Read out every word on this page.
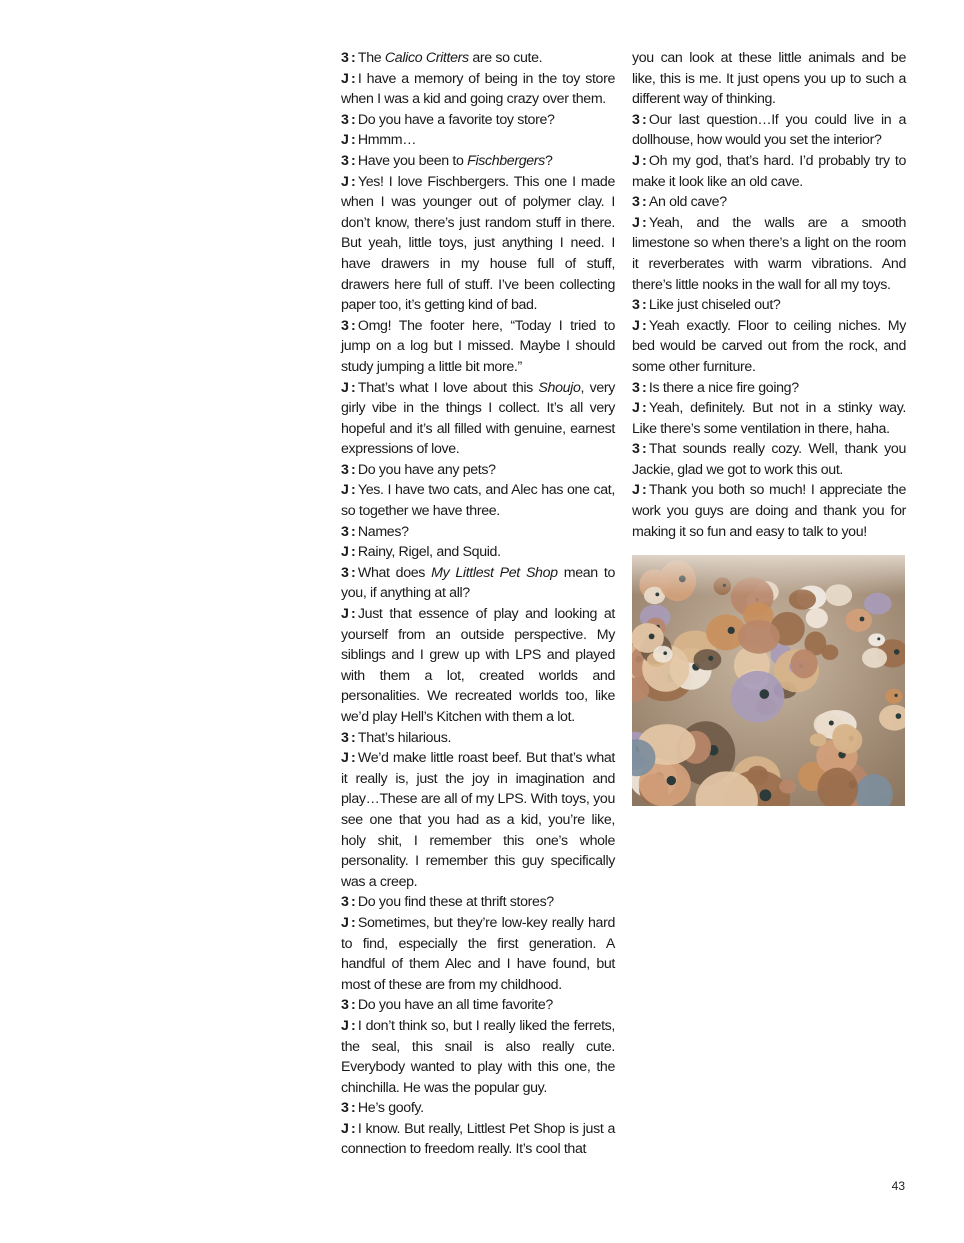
3 : The Calico Critters are so cute.

J : I have a memory of being in the toy store when I was a kid and going crazy over them.

3 : Do you have a favorite toy store?

J : Hmmm…

3 : Have you been to Fischbergers?

J : Yes! I love Fischbergers. This one I made when I was younger out of polymer clay. I don’t know, there’s just random stuff in there. But yeah, little toys, just anything I need. I have drawers in my house full of stuff, drawers here full of stuff. I’ve been collecting paper too, it’s getting kind of bad.

3 : Omg! The footer here, “Today I tried to jump on a log but I missed. Maybe I should study jumping a little bit more.”

J : That’s what I love about this Shoujo, very girly vibe in the things I collect. It’s all very hopeful and it’s all filled with genuine, earnest expressions of love.

3 : Do you have any pets?

J : Yes. I have two cats, and Alec has one cat, so together we have three.

3 : Names?

J : Rainy, Rigel, and Squid.

3 : What does My Littlest Pet Shop mean to you, if anything at all?

J : Just that essence of play and looking at yourself from an outside perspective. My siblings and I grew up with LPS and played with them a lot, created worlds and personalities. We recreated worlds too, like we’d play Hell’s Kitchen with them a lot.

3 : That’s hilarious.

J : We’d make little roast beef. But that’s what it really is, just the joy in imagination and play…These are all of my LPS. With toys, you see one that you had as a kid, you’re like, holy shit, I remember this one’s whole personality. I remember this guy specifically was a creep.

3 : Do you find these at thrift stores?

J : Sometimes, but they’re low-key really hard to find, especially the first generation. A handful of them Alec and I have found, but most of these are from my childhood.

3 : Do you have an all time favorite?

J : I don’t think so, but I really liked the ferrets, the seal, this snail is also really cute. Everybody wanted to play with this one, the chinchilla. He was the popular guy.

3 : He’s goofy.

J : I know. But really, Littlest Pet Shop is just a connection to freedom really. It’s cool that

you can look at these little animals and be like, this is me. It just opens you up to such a different way of thinking.

3 : Our last question…If you could live in a dollhouse, how would you set the interior?

J : Oh my god, that’s hard. I’d probably try to make it look like an old cave.

3 : An old cave?

J : Yeah, and the walls are a smooth limestone so when there’s a light on the room it reverberates with warm vibrations. And there’s little nooks in the wall for all my toys.

3 : Like just chiseled out?

J : Yeah exactly. Floor to ceiling niches. My bed would be carved out from the rock, and some other furniture.

3 : Is there a nice fire going?

J : Yeah, definitely. But not in a stinky way. Like there’s some ventilation in there, haha.

3 : That sounds really cozy. Well, thank you Jackie, glad we got to work this out.

J : Thank you both so much! I appreciate the work you guys are doing and thank you for making it so fun and easy to talk to you!

43
